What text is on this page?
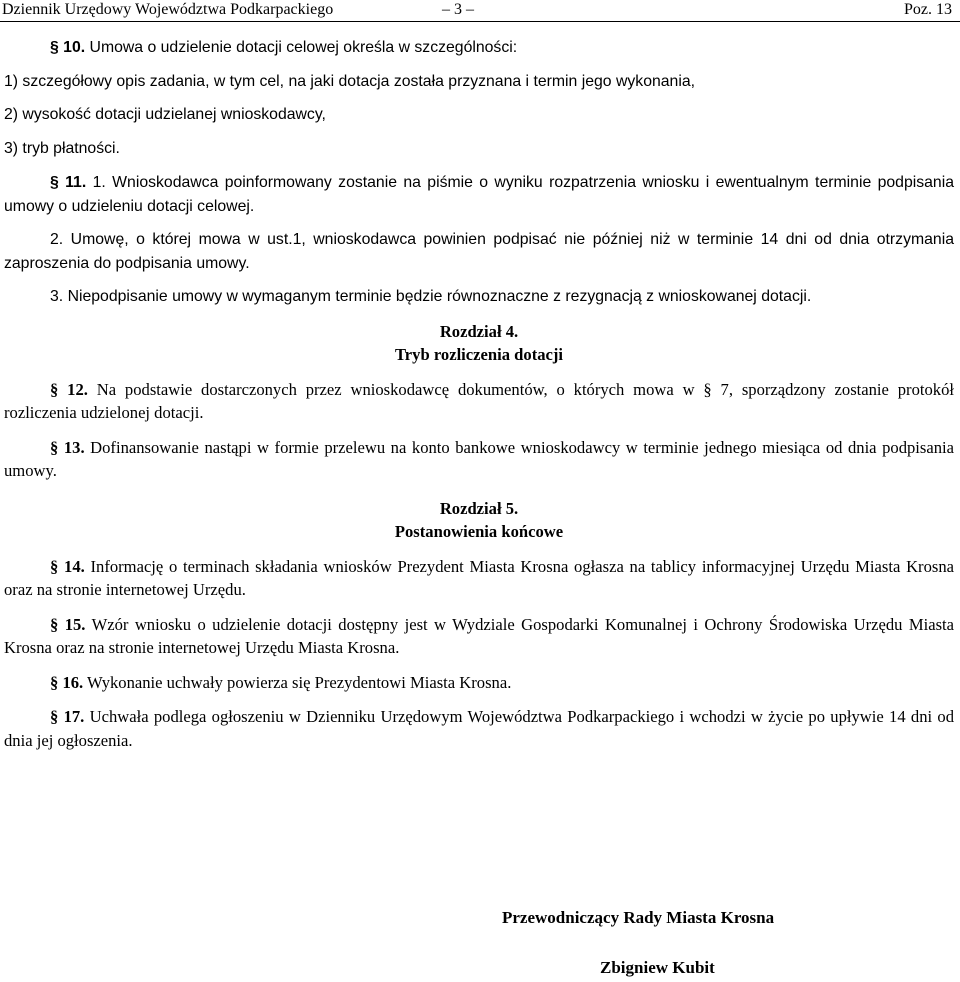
Dziennik Urzędowy Województwa Podkarpackiego	– 3 –	Poz. 13

§ 10. Umowa o udzielenie dotacji celowej określa w szczególności:

1) szczegółowy opis zadania, w tym cel, na jaki dotacja została przyznana i termin jego wykonania,

2) wysokość dotacji udzielanej wnioskodawcy,

3) tryb płatności.

§ 11. 1. Wnioskodawca poinformowany zostanie na piśmie o wyniku rozpatrzenia wniosku i ewentualnym terminie podpisania umowy o udzieleniu dotacji celowej.

2. Umowę, o której mowa w ust.1, wnioskodawca powinien podpisać nie później niż w terminie 14 dni od dnia otrzymania zaproszenia do podpisania umowy.

3. Niepodpisanie umowy w wymaganym terminie będzie równoznaczne z rezygnacją z wnioskowanej dotacji.

Rozdział 4.

Tryb rozliczenia dotacji

§ 12. Na podstawie dostarczonych przez wnioskodawcę dokumentów, o których mowa w § 7, sporządzony zostanie protokół rozliczenia udzielonej dotacji.

§ 13. Dofinansowanie nastąpi w formie przelewu na konto bankowe wnioskodawcy w terminie jednego miesiąca od dnia podpisania umowy.

Rozdział 5.

Postanowienia końcowe

§ 14. Informację o terminach składania wniosków Prezydent Miasta Krosna ogłasza na tablicy informacyjnej Urzędu Miasta Krosna oraz na stronie internetowej Urzędu.

§ 15. Wzór wniosku o udzielenie dotacji dostępny jest w Wydziale Gospodarki Komunalnej i Ochrony Środowiska Urzędu Miasta Krosna oraz na stronie internetowej Urzędu Miasta Krosna.

§ 16. Wykonanie uchwały powierza się Prezydentowi Miasta Krosna.

§ 17. Uchwała podlega ogłoszeniu w Dzienniku Urzędowym Województwa Podkarpackiego i wchodzi w życie po upływie 14 dni od dnia jej ogłoszenia.

Przewodniczący Rady Miasta Krosna
Zbigniew Kubit
